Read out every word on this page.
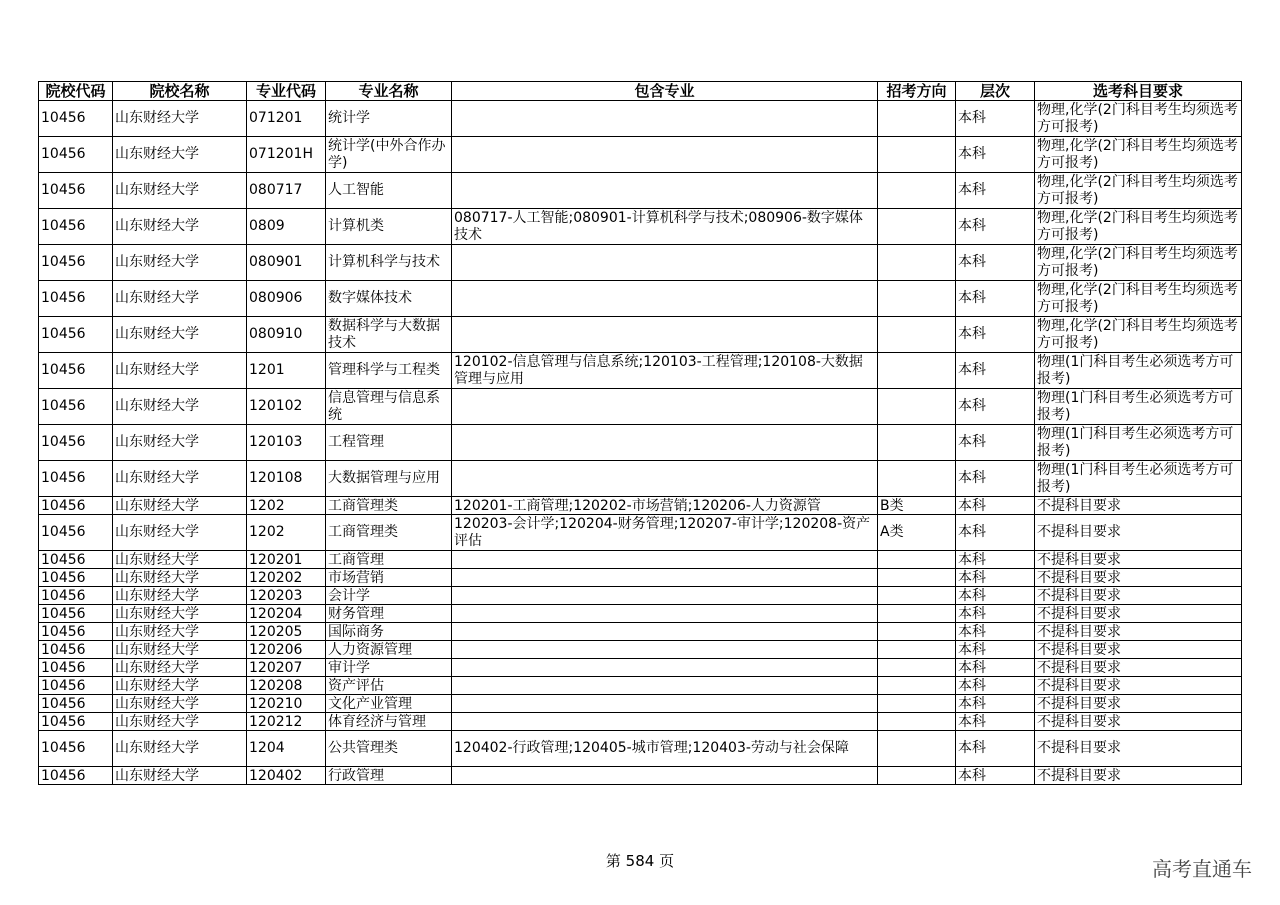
院校代码	院校名称	专业代码	专业名称	包含专业	招考方向	层次	选考科目要求
10456	山东财经大学	071201	统计学			本科	物理,化学(2门科目考生均须选考方可报考)
10456	山东财经大学	071201H	统计学(中外合作办学)			本科	物理,化学(2门科目考生均须选考方可报考)
10456	山东财经大学	080717	人工智能			本科	物理,化学(2门科目考生均须选考方可报考)
10456	山东财经大学	0809	计算机类	080717-人工智能;080901-计算机科学与技术;080906-数字媒体技术		本科	物理,化学(2门科目考生均须选考方可报考)
10456	山东财经大学	080901	计算机科学与技术			本科	物理,化学(2门科目考生均须选考方可报考)
10456	山东财经大学	080906	数字媒体技术			本科	物理,化学(2门科目考生均须选考方可报考)
10456	山东财经大学	080910	数据科学与大数据技术			本科	物理,化学(2门科目考生均须选考方可报考)
10456	山东财经大学	1201	管理科学与工程类	120102-信息管理与信息系统;120103-工程管理;120108-大数据管理与应用		本科	物理(1门科目考生必须选考方可报考)
10456	山东财经大学	120102	信息管理与信息系统			本科	物理(1门科目考生必须选考方可报考)
10456	山东财经大学	120103	工程管理			本科	物理(1门科目考生必须选考方可报考)
10456	山东财经大学	120108	大数据管理与应用			本科	物理(1门科目考生必须选考方可报考)
10456	山东财经大学	1202	工商管理类	120201-工商管理;120202-市场营销;120206-人力资源管	B类	本科	不提科目要求
10456	山东财经大学	1202	工商管理类	120203-会计学;120204-财务管理;120207-审计学;120208-资产评估	A类	本科	不提科目要求
10456	山东财经大学	120201	工商管理			本科	不提科目要求
10456	山东财经大学	120202	市场营销			本科	不提科目要求
10456	山东财经大学	120203	会计学			本科	不提科目要求
10456	山东财经大学	120204	财务管理			本科	不提科目要求
10456	山东财经大学	120205	国际商务			本科	不提科目要求
10456	山东财经大学	120206	人力资源管理			本科	不提科目要求
10456	山东财经大学	120207	审计学			本科	不提科目要求
10456	山东财经大学	120208	资产评估			本科	不提科目要求
10456	山东财经大学	120210	文化产业管理			本科	不提科目要求
10456	山东财经大学	120212	体育经济与管理			本科	不提科目要求
10456	山东财经大学	1204	公共管理类	120402-行政管理;120405-城市管理;120403-劳动与社会保障		本科	不提科目要求
10456	山东财经大学	120402	行政管理			本科	不提科目要求
第 584 页	高考直通车
